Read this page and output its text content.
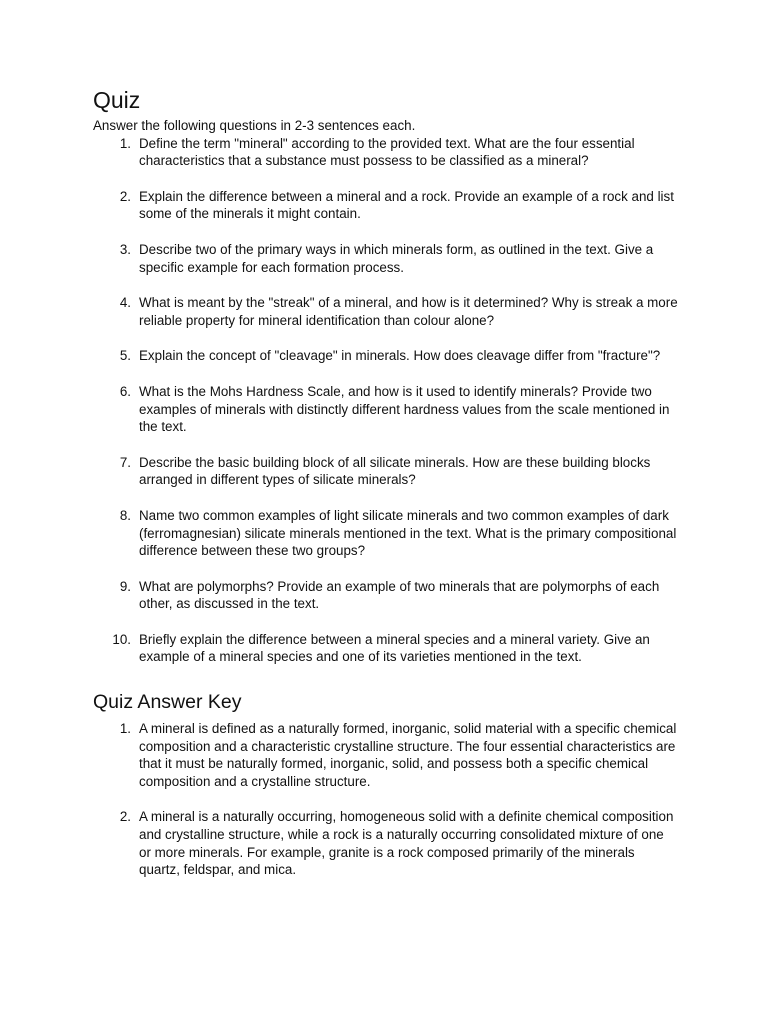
Quiz

Answer the following questions in 2-3 sentences each.

1. Define the term "mineral" according to the provided text. What are the four essential characteristics that a substance must possess to be classified as a mineral?
2. Explain the difference between a mineral and a rock. Provide an example of a rock and list some of the minerals it might contain.
3. Describe two of the primary ways in which minerals form, as outlined in the text. Give a specific example for each formation process.
4. What is meant by the "streak" of a mineral, and how is it determined? Why is streak a more reliable property for mineral identification than colour alone?
5. Explain the concept of "cleavage" in minerals. How does cleavage differ from "fracture"?
6. What is the Mohs Hardness Scale, and how is it used to identify minerals? Provide two examples of minerals with distinctly different hardness values from the scale mentioned in the text.
7. Describe the basic building block of all silicate minerals. How are these building blocks arranged in different types of silicate minerals?
8. Name two common examples of light silicate minerals and two common examples of dark (ferromagnesian) silicate minerals mentioned in the text. What is the primary compositional difference between these two groups?
9. What are polymorphs? Provide an example of two minerals that are polymorphs of each other, as discussed in the text.
10. Briefly explain the difference between a mineral species and a mineral variety. Give an example of a mineral species and one of its varieties mentioned in the text.
Quiz Answer Key
1. A mineral is defined as a naturally formed, inorganic, solid material with a specific chemical composition and a characteristic crystalline structure. The four essential characteristics are that it must be naturally formed, inorganic, solid, and possess both a specific chemical composition and a crystalline structure.
2. A mineral is a naturally occurring, homogeneous solid with a definite chemical composition and crystalline structure, while a rock is a naturally occurring consolidated mixture of one or more minerals. For example, granite is a rock composed primarily of the minerals quartz, feldspar, and mica.
